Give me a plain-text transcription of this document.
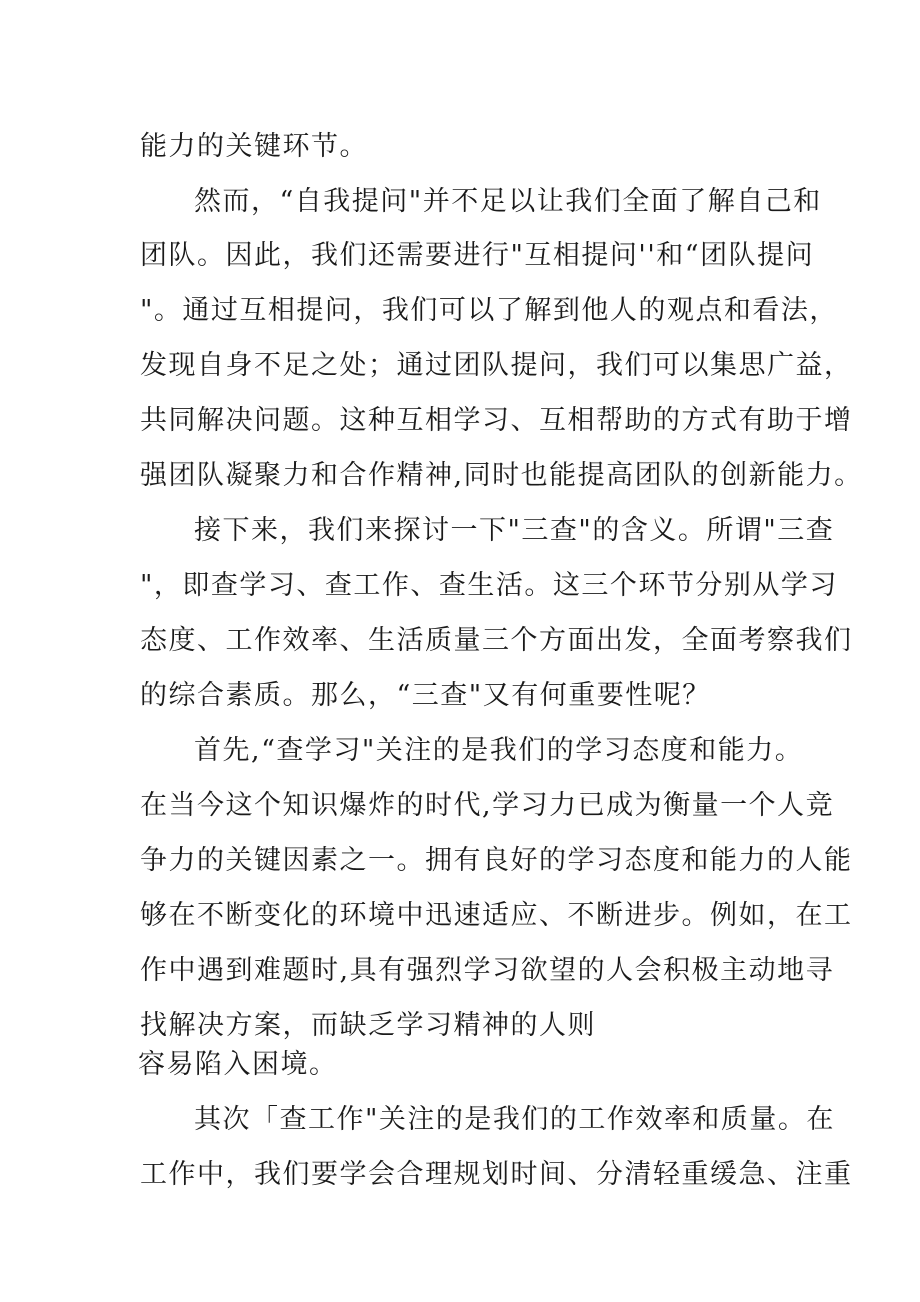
能力的关键环节。
然而，“自我提问"并不足以让我们全面了解自己和
团队。因此，我们还需要进行"互相提问''和“团队提问
"。通过互相提问，我们可以了解到他人的观点和看法，
发现自身不足之处；通过团队提问，我们可以集思广益，
共同解决问题。这种互相学习、互相帮助的方式有助于增
强团队凝聚力和合作精神,同时也能提高团队的创新能力。
接下来，我们来探讨一下"三查"的含义。所谓"三查
"，即查学习、查工作、查生活。这三个环节分别从学习
态度、工作效率、生活质量三个方面出发，全面考察我们
的综合素质。那么，“三查"又有何重要性呢？
首先,“查学习"关注的是我们的学习态度和能力。
在当今这个知识爆炸的时代,学习力已成为衡量一个人竞
争力的关键因素之一。拥有良好的学习态度和能力的人能
够在不断变化的环境中迅速适应、不断进步。例如，在工
作中遇到难题时,具有强烈学习欲望的人会积极主动地寻
找解决方案，而缺乏学习精神的人则
容易陷入困境。
其次「查工作"关注的是我们的工作效率和质量。在
工作中，我们要学会合理规划时间、分清轻重缓急、注重
